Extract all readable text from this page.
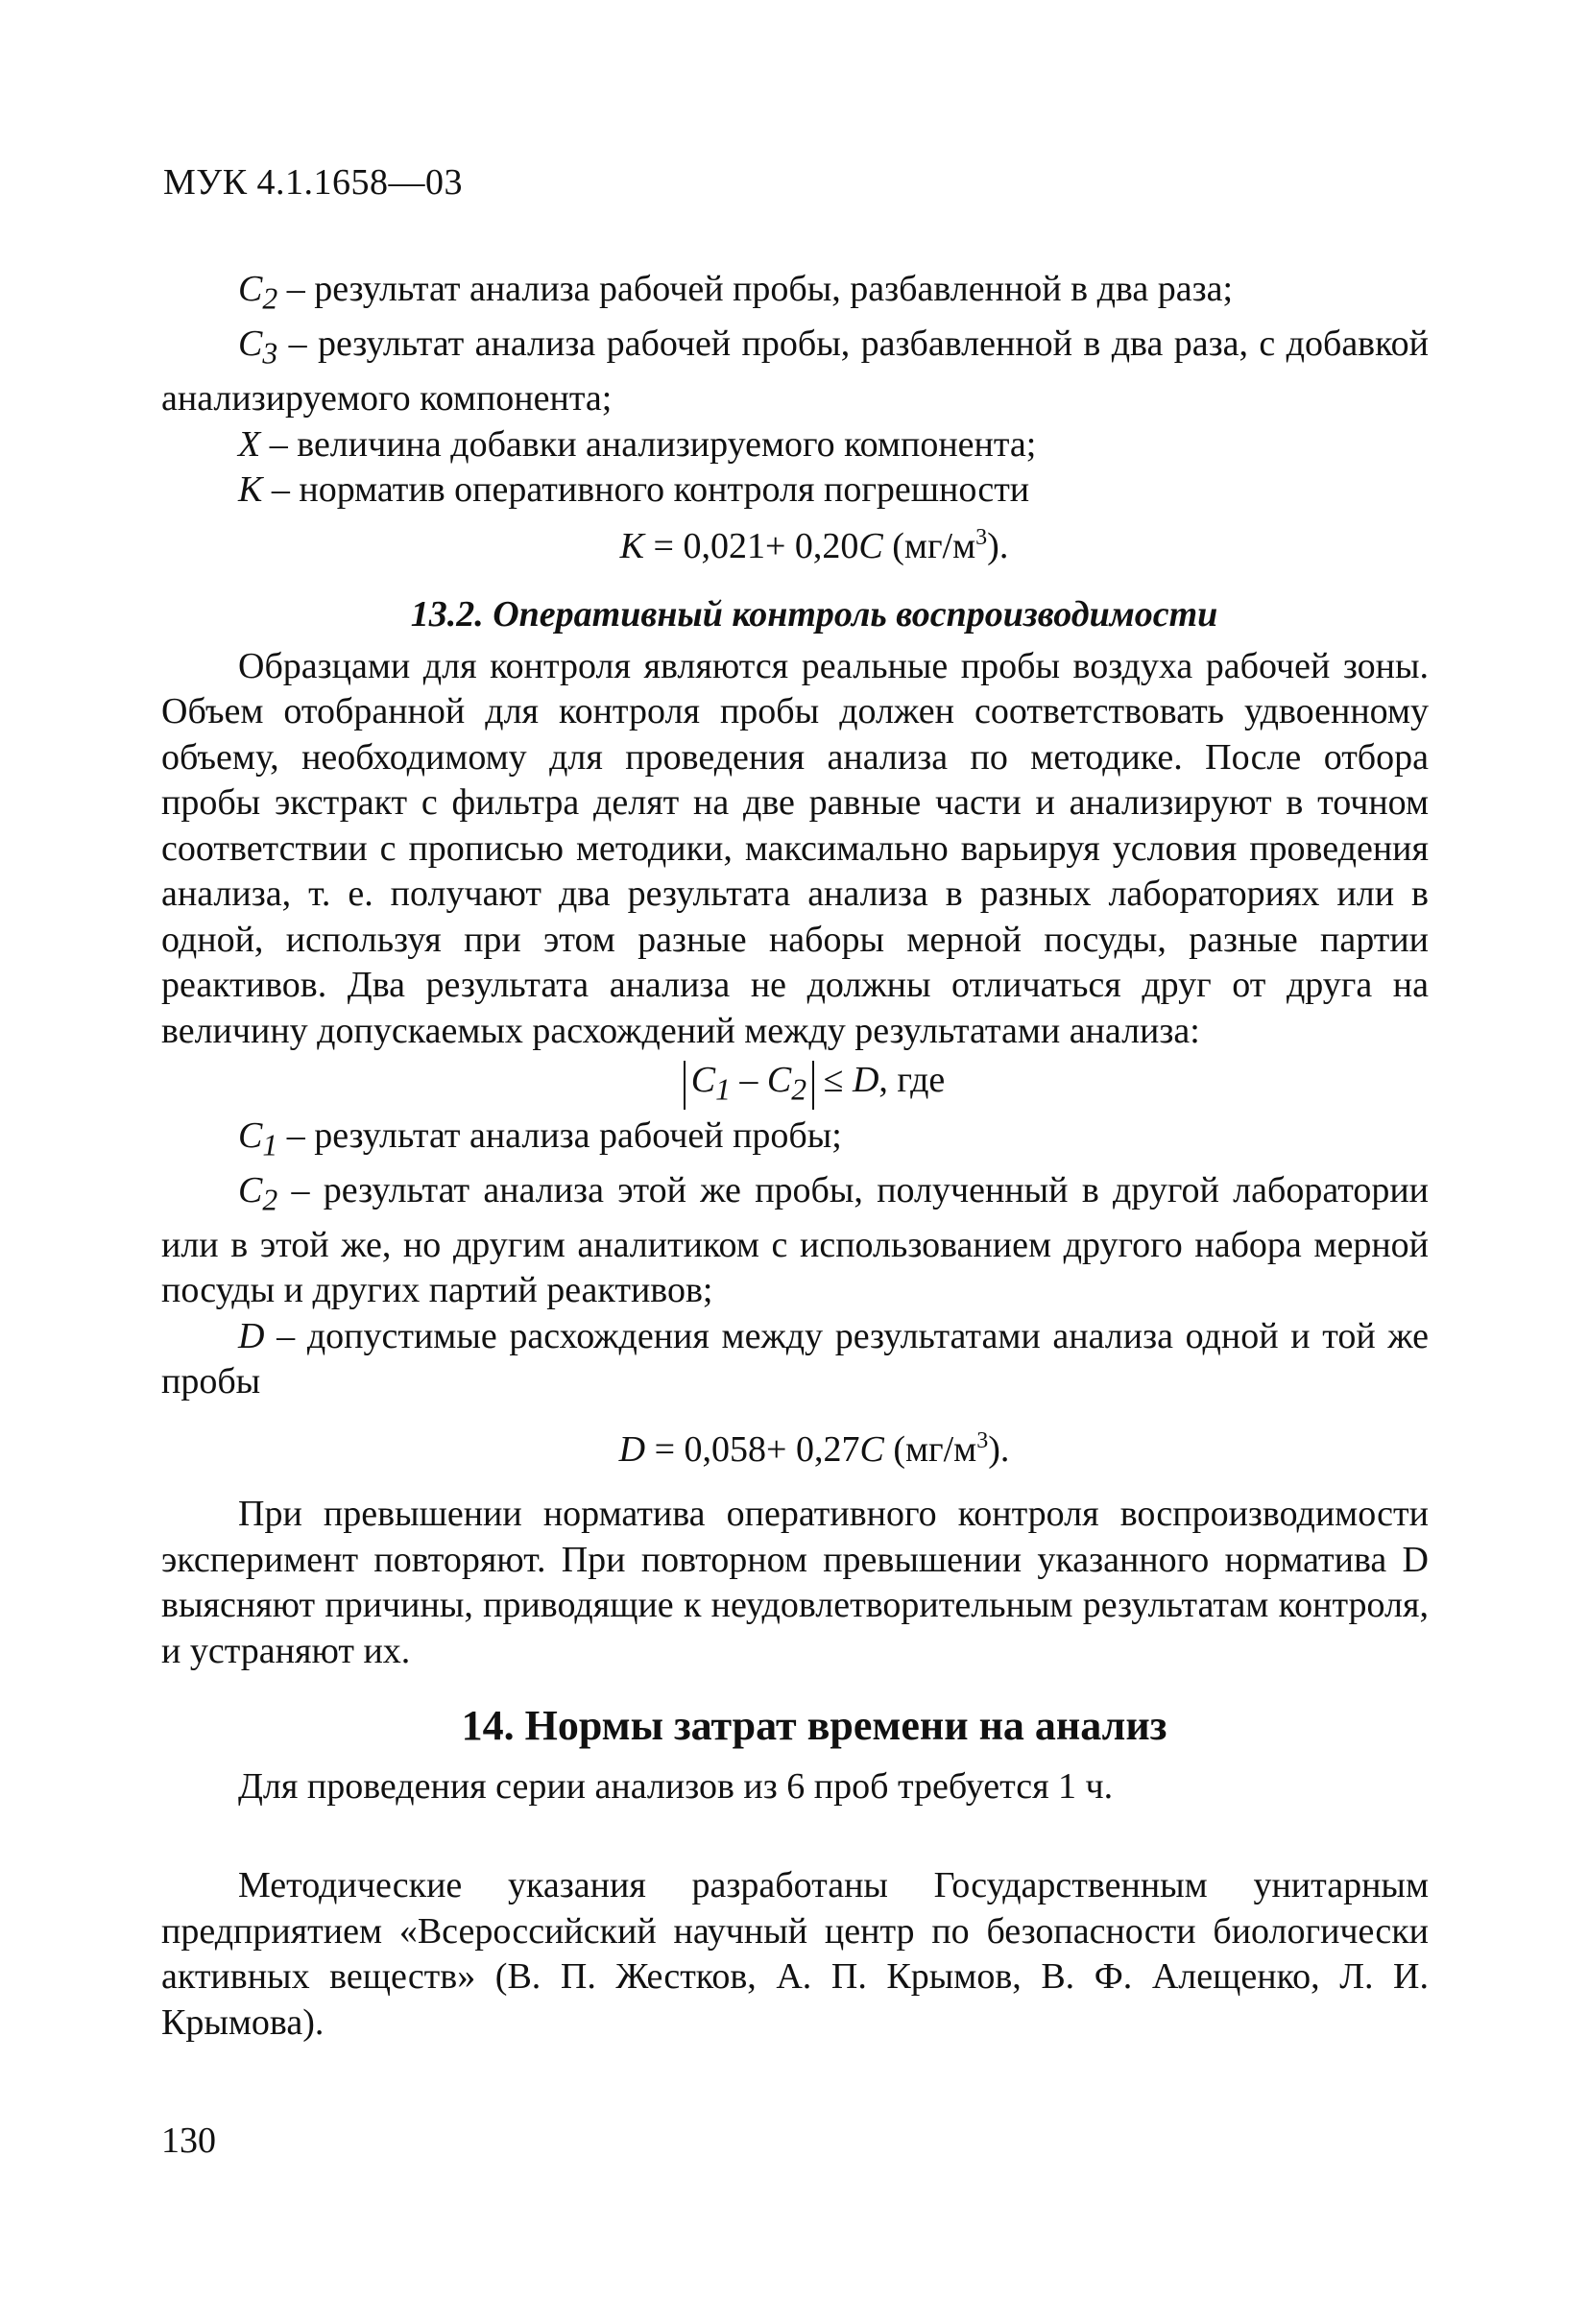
МУК 4.1.1658—03

$C_2$ – результат анализа рабочей пробы, разбавленной в два раза;

$C_3$ – результат анализа рабочей пробы, разбавленной в два раза, с добавкой анализируемого компонента;

X – величина добавки анализируемого компонента;

K – норматив оперативного контроля погрешности

K = 0,021+ 0,20C $(мг/м^3)$.

13.2. Оперативный контроль воспроизводимости

Образцами для контроля являются реальные пробы воздуха рабочей зоны. Объем отобранной для контроля пробы должен соответствовать удвоенному объему, необходимому для проведения анализа по методике. После отбора пробы экстракт с фильтра делят на две равные части и анализируют в точном соответствии с прописью методики, максимально варьируя условия проведения анализа, т. е. получают два результата анализа в разных лабораториях или в одной, используя при этом разные наборы мерной посуды, разные партии реактивов. Два результата анализа не должны отличаться друг от друга на величину допускаемых расхождений между результатами анализа:

$C_1 - C_2 \le D$, где

$C_1$ – результат анализа рабочей пробы;

$C_2$ – результат анализа этой же пробы, полученный в другой лаборатории или в этой же, но другим аналитиком с использованием другого набора мерной посуды и других партий реактивов;

D – допустимые расхождения между результатами анализа одной и той же пробы

D = 0,058+ 0,27C $(мг/м^3)$.

При превышении норматива оперативного контроля воспроизводимости эксперимент повторяют. При повторном превышении указанного норматива D выясняют причины, приводящие к неудовлетворительным результатам контроля, и устраняют их.

14. Нормы затрат времени на анализ

Для проведения серии анализов из 6 проб требуется 1 ч.

Методические указания разработаны Государственным унитарным предприятием «Всероссийский научный центр по безопасности биологически активных веществ» (В. П. Жестков, А. П. Крымов, В. Ф. Алещенко, Л. И. Крымова).

130
